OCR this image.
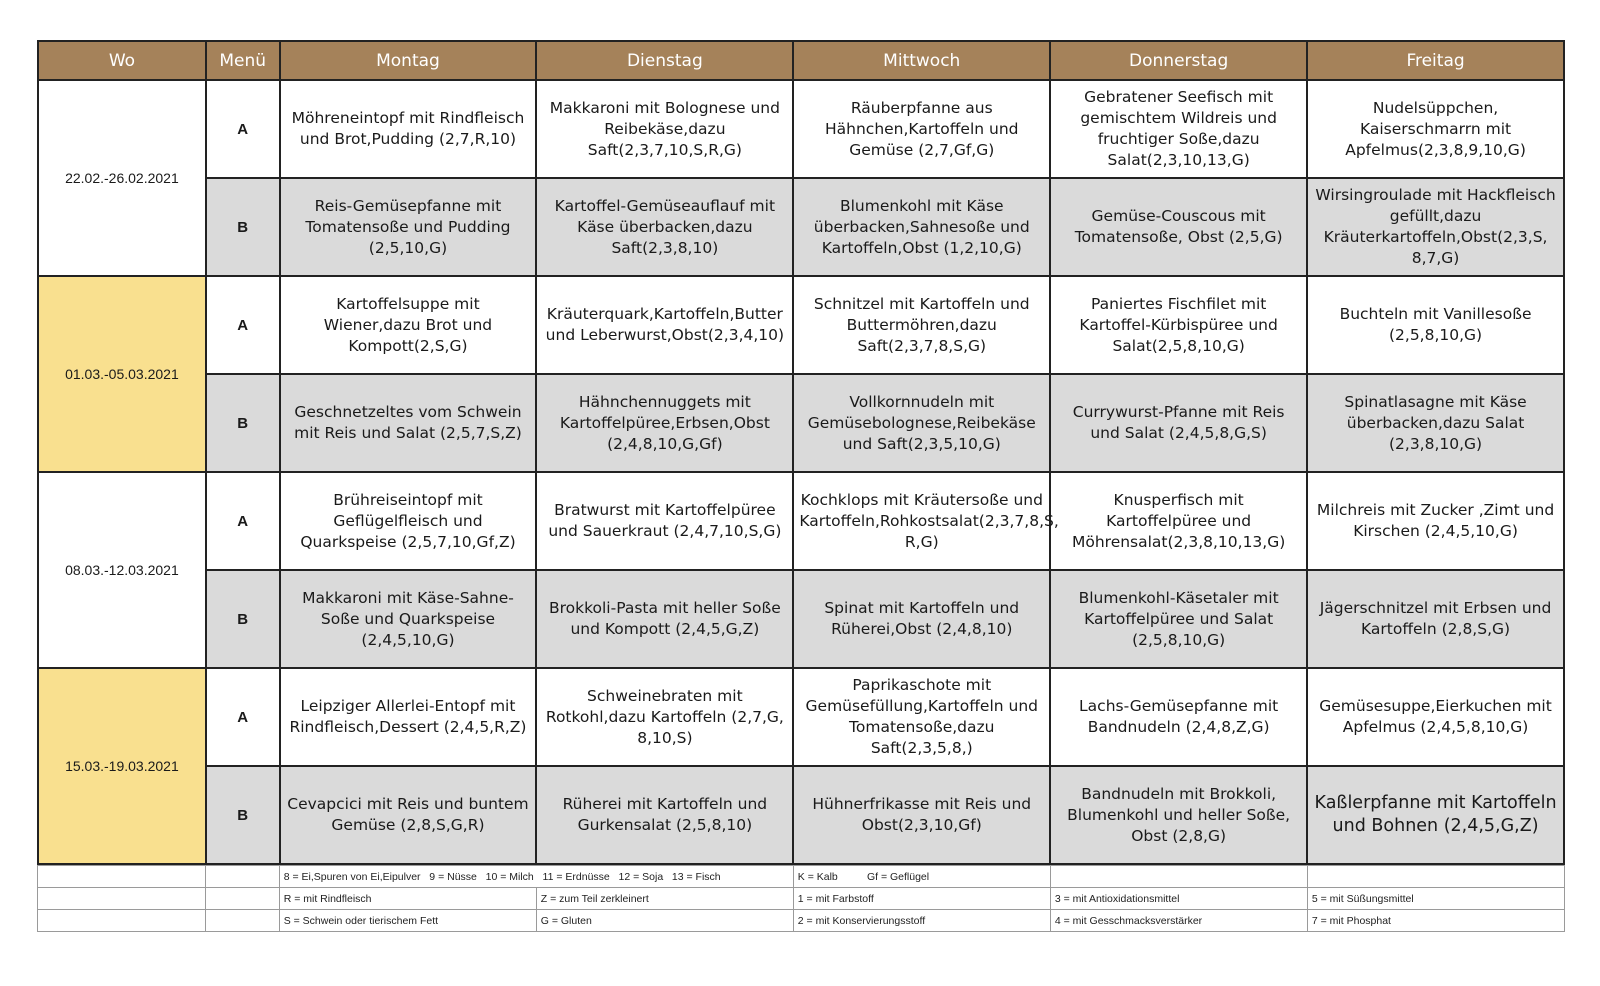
Wo	Menü	Montag	Dienstag	Mittwoch	Donnerstag	Freitag
22.02.-26.02.2021	A	Möhreneintopf mit Rindfleisch und Brot,Pudding (2,7,R,10)	Makkaroni mit Bolognese und Reibekäse,dazu Saft(2,3,7,10,S,R,G)	Räuberpfanne aus Hähnchen,Kartoffeln und Gemüse (2,7,Gf,G)	Gebratener Seefisch mit gemischtem Wildreis und fruchtiger Soße,dazu Salat(2,3,10,13,G)	Nudelsüppchen, Kaiserschmarrn mit Apfelmus(2,3,8,9,10,G)
	B	Reis-Gemüsepfanne mit Tomatensoße und Pudding (2,5,10,G)	Kartoffel-Gemüseauflauf mit Käse überbacken,dazu Saft(2,3,8,10)	Blumenkohl mit Käse überbacken,Sahnesoße und Kartoffeln,Obst (1,2,10,G)	Gemüse-Couscous mit Tomatensoße, Obst (2,5,G)	Wirsingroulade mit Hackfleisch gefüllt,dazu Kräuterkartoffeln,Obst(2,3,S, 8,7,G)
01.03.-05.03.2021	A	Kartoffelsuppe mit Wiener,dazu Brot und Kompott(2,S,G)	Kräuterquark,Kartoffeln,Butter und Leberwurst,Obst(2,3,4,10)	Schnitzel mit Kartoffeln und Buttermöhren,dazu Saft(2,3,7,8,S,G)	Paniertes Fischfilet mit Kartoffel-Kürbispüree und Salat(2,5,8,10,G)	Buchteln mit Vanillesoße (2,5,8,10,G)
	B	Geschnetzeltes vom Schwein mit Reis und Salat (2,5,7,S,Z)	Hähnchennuggets mit Kartoffelpüree,Erbsen,Obst (2,4,8,10,G,Gf)	Vollkornnudeln mit Gemüsebolognese,Reibekäse und Saft(2,3,5,10,G)	Currywurst-Pfanne mit Reis und Salat (2,4,5,8,G,S)	Spinatlasagne mit Käse überbacken,dazu Salat (2,3,8,10,G)
08.03.-12.03.2021	A	Brühreiseintopf mit Geflügelfleisch und Quarkspeise (2,5,7,10,Gf,Z)	Bratwurst mit Kartoffelpüree und Sauerkraut (2,4,7,10,S,G)	Kochklops mit Kräutersoße und Kartoffeln,Rohkostsalat(2,3,7,8,S, R,G)	Knusperfisch mit Kartoffelpüree und Möhrensalat(2,3,8,10,13,G)	Milchreis mit Zucker ,Zimt und Kirschen (2,4,5,10,G)
	B	Makkaroni mit Käse-Sahne-Soße und Quarkspeise (2,4,5,10,G)	Brokkoli-Pasta mit heller Soße und Kompott (2,4,5,G,Z)	Spinat mit Kartoffeln und Rüherei,Obst (2,4,8,10)	Blumenkohl-Käsetaler mit Kartoffelpüree und Salat (2,5,8,10,G)	Jägerschnitzel mit Erbsen und Kartoffeln (2,8,S,G)
15.03.-19.03.2021	A	Leipziger Allerlei-Entopf mit Rindfleisch,Dessert (2,4,5,R,Z)	Schweinebraten mit Rotkohl,dazu Kartoffeln (2,7,G, 8,10,S)	Paprikaschote mit Gemüsefüllung,Kartoffeln und Tomatensoße,dazu Saft(2,3,5,8,)	Lachs-Gemüsepfanne mit Bandnudeln (2,4,8,Z,G)	Gemüsesuppe,Eierkuchen mit Apfelmus (2,4,5,8,10,G)
	B	Cevapcici mit Reis und buntem Gemüse (2,8,S,G,R)	Rüherei mit Kartoffeln und Gurkensalat (2,5,8,10)	Hühnerfrikasse mit Reis und Obst(2,3,10,Gf)	Bandnudeln mit Brokkoli, Blumenkohl und heller Soße, Obst (2,8,G)	Kaßlerpfanne mit Kartoffeln und Bohnen (2,4,5,G,Z)
		8 = Ei,Spuren von Ei,Eipulver   9 = Nüsse   10 = Milch   11 = Erdnüsse   12 = Soja   13 = Fisch		K = Kalb          Gf = Geflügel		
		R = mit Rindfleisch	Z = zum Teil zerkleinert	1 = mit Farbstoff	3 = mit Antioxidationsmittel	5 = mit Süßungsmittel
		S = Schwein oder tierischem Fett	G = Gluten	2 = mit Konservierungsstoff	4 = mit Gesschmacksverstärker	7 = mit Phosphat
